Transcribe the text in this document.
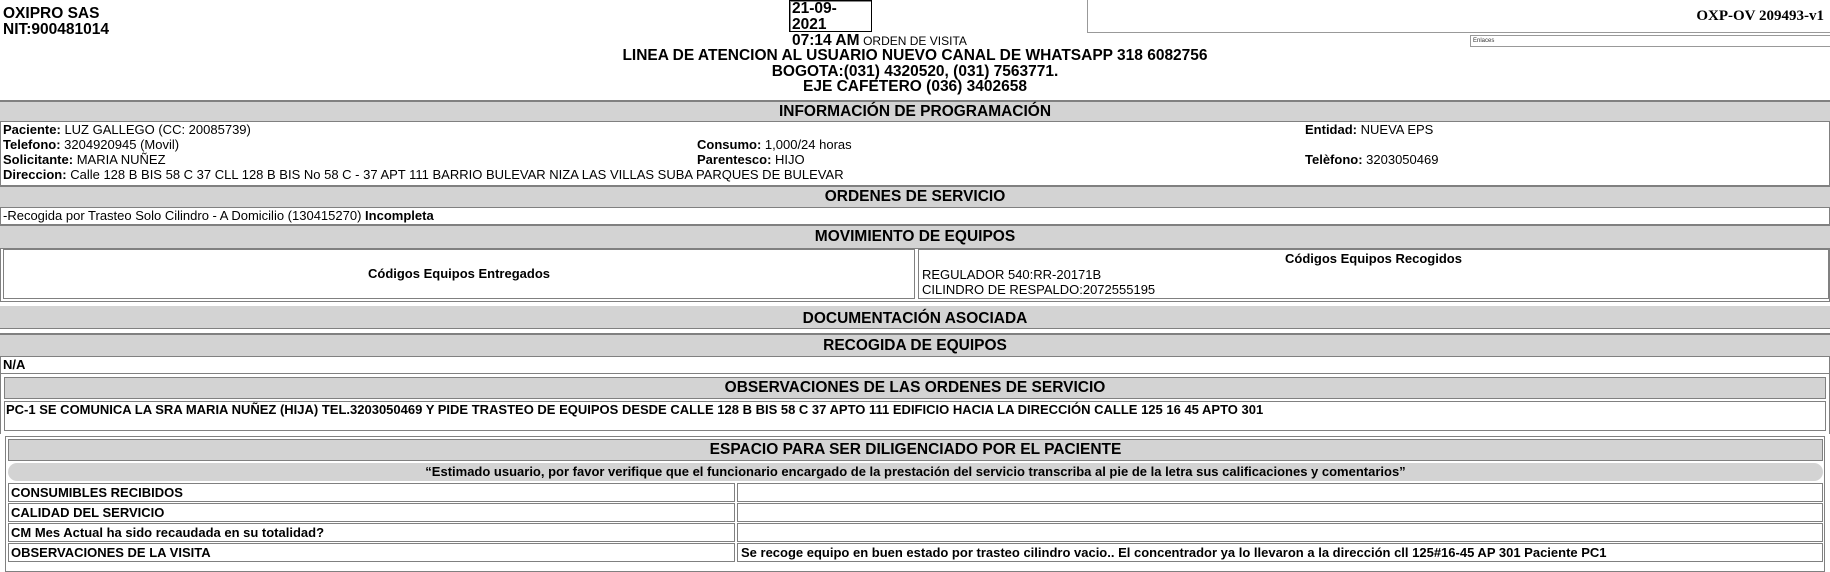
OXIPRO SAS
NIT:900481014
21-09-2021
07:14 AM
OXP-OV 209493-v1
Enlaces
ORDEN DE VISITA
LINEA DE ATENCION AL USUARIO NUEVO CANAL DE WHATSAPP 318 6082756
BOGOTA:(031) 4320520, (031) 7563771.
EJE CAFETERO (036) 3402658
INFORMACIÓN DE PROGRAMACIÓN
Paciente: LUZ GALLEGO (CC: 20085739)
Telefono: 3204920945 (Movil)
Solicitante: MARIA NUÑEZ
Direccion: Calle 128 B BIS 58 C 37 CLL 128 B BIS No 58 C - 37 APT 111 BARRIO BULEVAR NIZA LAS VILLAS SUBA PARQUES DE BULEVAR
Consumo: 1,000/24 horas
Parentesco: HIJO
Entidad: NUEVA EPS
Telèfono: 3203050469
ORDENES DE SERVICIO
-Recogida por Trasteo Solo Cilindro - A Domicilio (130415270) Incompleta
MOVIMIENTO DE EQUIPOS
Códigos Equipos Entregados
Códigos Equipos Recogidos
REGULADOR 540:RR-20171B
CILINDRO DE RESPALDO:2072555195
DOCUMENTACIÓN ASOCIADA
RECOGIDA DE EQUIPOS
N/A
OBSERVACIONES DE LAS ORDENES DE SERVICIO
PC-1 SE COMUNICA LA SRA MARIA NUÑEZ (HIJA) TEL.3203050469 Y PIDE TRASTEO DE EQUIPOS DESDE CALLE 128 B BIS 58 C 37 APTO 111 EDIFICIO HACIA LA DIRECCIÓN CALLE 125 16 45 APTO 301
ESPACIO PARA SER DILIGENCIADO POR EL PACIENTE
“Estimado usuario, por favor verifique que el funcionario encargado de la prestación del servicio transcriba al pie de la letra sus calificaciones y comentarios”
CONSUMIBLES RECIBIDOS
CALIDAD DEL SERVICIO
CM Mes Actual ha sido recaudada en su totalidad?
OBSERVACIONES DE LA VISITA	Se recoge equipo en buen estado por trasteo cilindro vacio.. El concentrador ya lo llevaron a la dirección cll 125#16-45 AP 301 Paciente PC1
